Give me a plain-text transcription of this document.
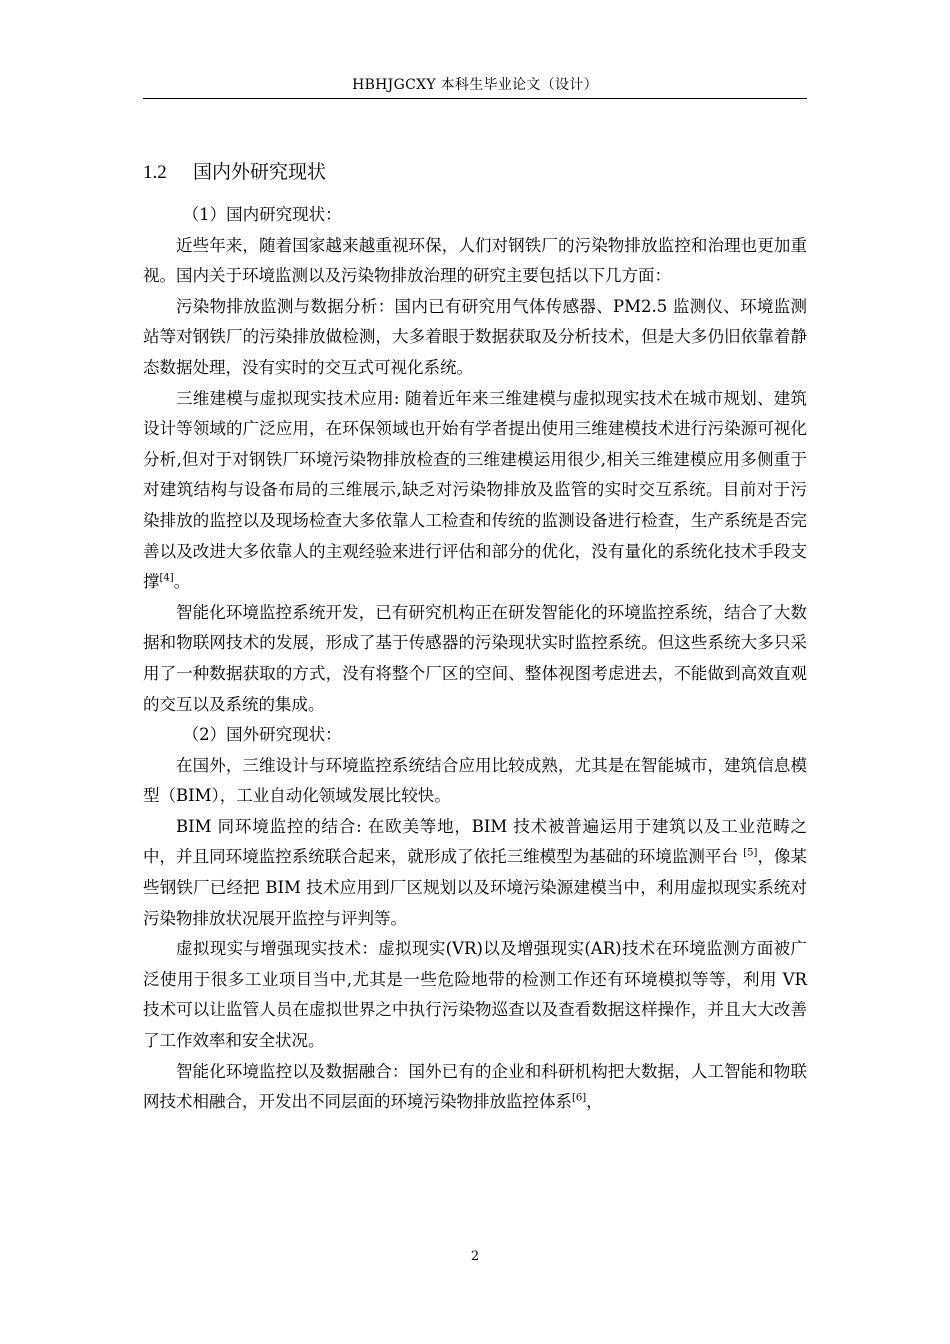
HBHJGCXY 本科生毕业论文（设计）
1.2 国内外研究现状

（1）国内研究现状：

近些年来，随着国家越来越重视环保，人们对钢铁厂的污染物排放监控和治理也更加重视。国内关于环境监测以及污染物排放治理的研究主要包括以下几方面：

污染物排放监测与数据分析：国内已有研究用气体传感器、PM2.5 监测仪、环境监测站等对钢铁厂的污染排放做检测，大多着眼于数据获取及分析技术，但是大多仍旧依靠着静态数据处理，没有实时的交互式可视化系统。

三维建模与虚拟现实技术应用: 随着近年来三维建模与虚拟现实技术在城市规划、建筑设计等领域的广泛应用，在环保领域也开始有学者提出使用三维建模技术进行污染源可视化分析,但对于对钢铁厂环境污染物排放检查的三维建模运用很少,相关三维建模应用多侧重于对建筑结构与设备布局的三维展示,缺乏对污染物排放及监管的实时交互系统。目前对于污染排放的监控以及现场检查大多依靠人工检查和传统的监测设备进行检查，生产系统是否完善以及改进大多依靠人的主观经验来进行评估和部分的优化，没有量化的系统化技术手段支撑[4]。

智能化环境监控系统开发，已有研究机构正在研发智能化的环境监控系统，结合了大数据和物联网技术的发展，形成了基于传感器的污染现状实时监控系统。但这些系统大多只采用了一种数据获取的方式，没有将整个厂区的空间、整体视图考虑进去，不能做到高效直观的交互以及系统的集成。

（2）国外研究现状：

在国外，三维设计与环境监控系统结合应用比较成熟，尤其是在智能城市，建筑信息模型（BIM），工业自动化领域发展比较快。

BIM 同环境监控的结合: 在欧美等地，BIM 技术被普遍运用于建筑以及工业范畴之中，并且同环境监控系统联合起来，就形成了依托三维模型为基础的环境监测平台 [5]，像某些钢铁厂已经把 BIM 技术应用到厂区规划以及环境污染源建模当中，利用虚拟现实系统对污染物排放状况展开监控与评判等。

虚拟现实与增强现实技术：虚拟现实(VR)以及增强现实(AR)技术在环境监测方面被广泛使用于很多工业项目当中,尤其是一些危险地带的检测工作还有环境模拟等等，利用 VR 技术可以让监管人员在虚拟世界之中执行污染物巡查以及查看数据这样操作，并且大大改善了工作效率和安全状况。

智能化环境监控以及数据融合：国外已有的企业和科研机构把大数据，人工智能和物联网技术相融合，开发出不同层面的环境污染物排放监控体系[6]，

2
